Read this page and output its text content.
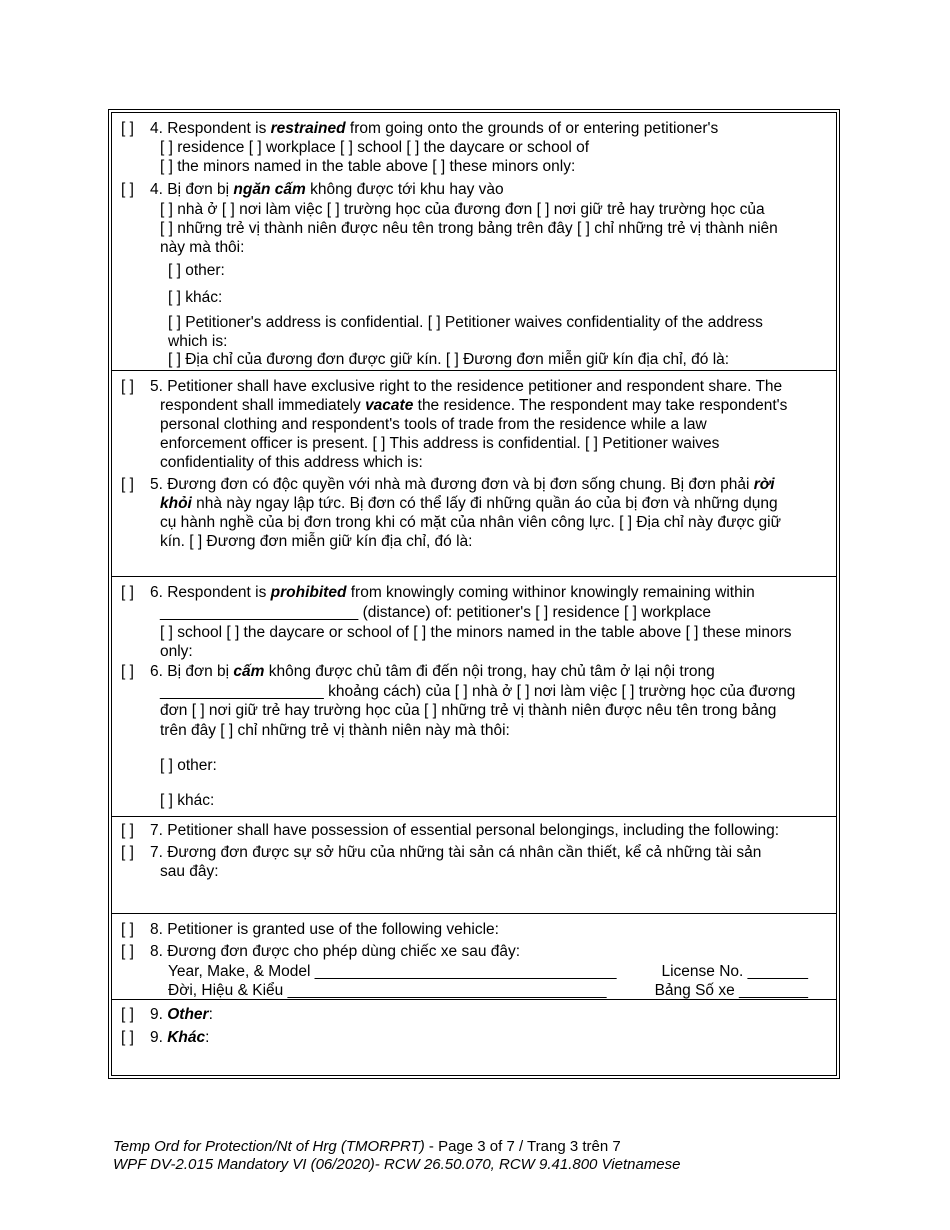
[ ]	4. Respondent is restrained from going onto the grounds of or entering petitioner's
[ ] residence [ ] workplace [ ] school [ ] the daycare or school of
[ ] the minors named in the table above [ ] these minors only:
[ ]	4. Bị đơn bị ngăn cấm không được tới khu hay vào
[ ] nhà ở [ ] nơi làm việc [ ] trường học của đương đơn [ ] nơi giữ trẻ hay trường học của
[ ] những trẻ vị thành niên được nêu tên trong bảng trên đây [ ] chỉ những trẻ vị thành niên
này mà thôi:
[ ] other:
[ ] khác:
[ ] Petitioner's address is confidential. [ ] Petitioner waives confidentiality of the address
which is:
[ ] Địa chỉ của đương đơn được giữ kín. [ ] Đương đơn miễn giữ kín địa chỉ, đó là:
[ ]	5. Petitioner shall have exclusive right to the residence petitioner and respondent share. The
respondent shall immediately vacate the residence. The respondent may take respondent's
personal clothing and respondent's tools of trade from the residence while a law
enforcement officer is present. [ ] This address is confidential. [ ] Petitioner waives
confidentiality of this address which is:
[ ]	5. Đương đơn có độc quyền với nhà mà đương đơn và bị đơn sống chung. Bị đơn phải rời
khỏi nhà này ngay lập tức. Bị đơn có thể lấy đi những quần áo của bị đơn và những dụng
cụ hành nghề của bị đơn trong khi có mặt của nhân viên công lực. [ ] Địa chỉ này được giữ
kín. [ ] Đương đơn miễn giữ kín địa chỉ, đó là:
[ ]	6. Respondent is prohibited from knowingly coming withinor knowingly remaining within
_______________________ (distance) of: petitioner's [ ] residence [ ] workplace
[ ] school [ ] the daycare or school of [ ] the minors named in the table above [ ] these minors
only:
[ ]	6. Bị đơn bị cấm không được chủ tâm đi đến nội trong, hay chủ tâm ở lại nội trong
___________________ khoảng cách) của [ ] nhà ở [ ] nơi làm việc [ ] trường học của đương
đơn [ ] nơi giữ trẻ hay trường học của [ ] những trẻ vị thành niên được nêu tên trong bảng
trên đây [ ] chỉ những trẻ vị thành niên này mà thôi:
[ ] other:
[ ] khác:
[ ]	7. Petitioner shall have possession of essential personal belongings, including the following:
[ ]	7. Đương đơn được sự sở hữu của những tài sản cá nhân cần thiết, kể cả những tài sản
sau đây:
[ ]	8. Petitioner is granted use of the following vehicle:
[ ]	8. Đương đơn được cho phép dùng chiếc xe sau đây:
Year, Make, & Model ___________________________________	License No. _______
Đời, Hiệu & Kiểu _____________________________________	Bảng Số xe ________
[ ]	9. Other:
[ ]	9. Khác:
Temp Ord for Protection/Nt of Hrg (TMORPRT) - Page 3 of 7 / Trang 3 trên 7
WPF DV-2.015 Mandatory VI (06/2020)- RCW 26.50.070, RCW 9.41.800 Vietnamese
